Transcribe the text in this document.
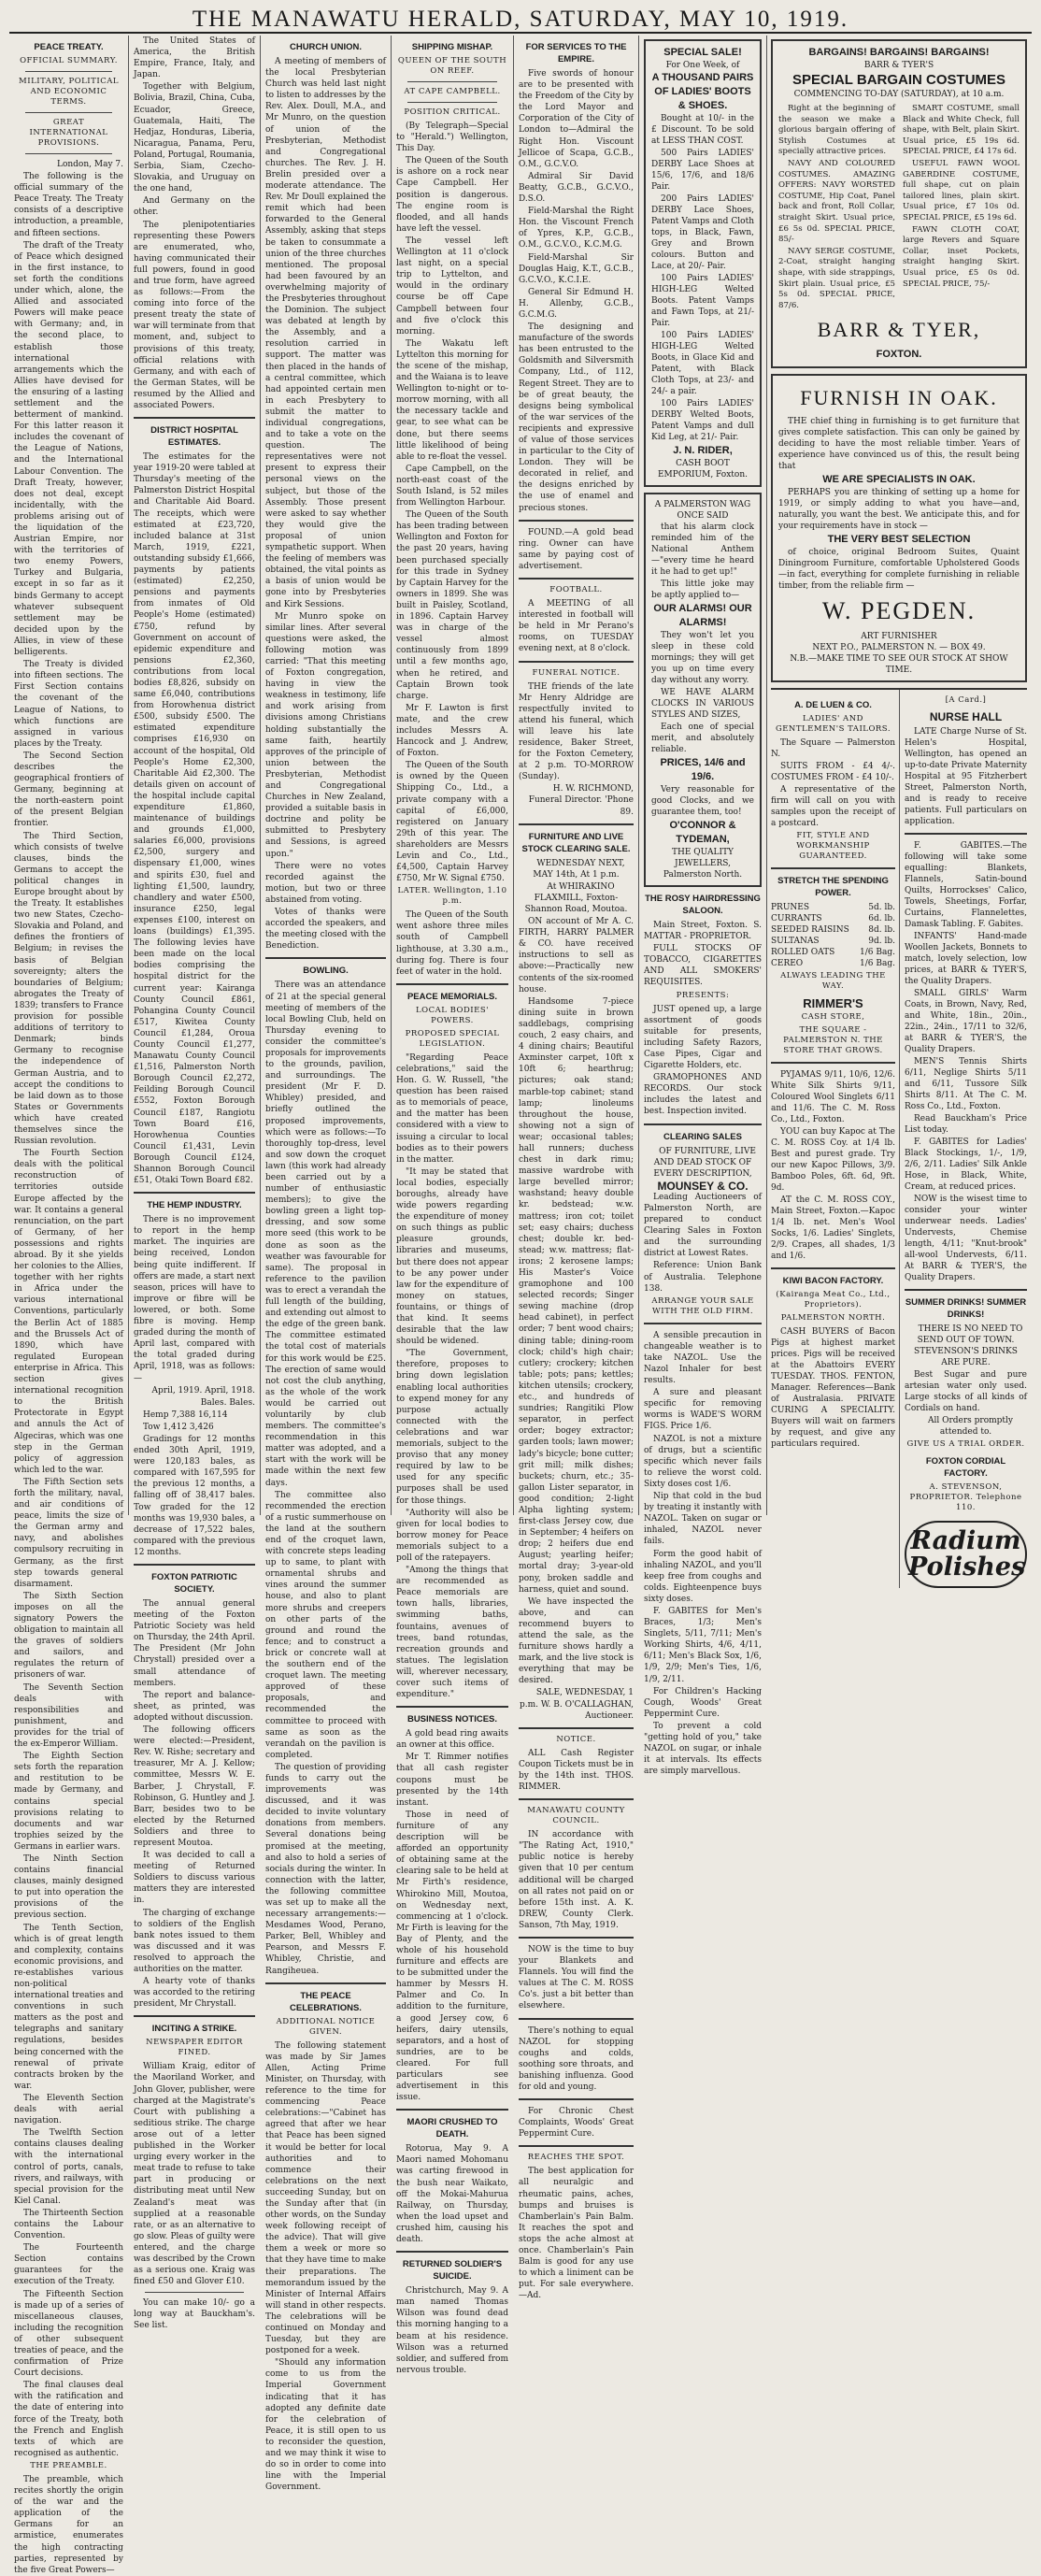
THE MANAWATU HERALD, SATURDAY, MAY 10, 1919.
PEACE TREATY.
OFFICIAL SUMMARY.
MILITARY, POLITICAL AND ECONOMIC TERMS.
GREAT INTERNATIONAL PROVISIONS.

London, May 7.

The following is the official summary of the Peace Treaty. The Treaty consists of a descriptive introduction, a preamble, and fifteen sections.

The draft of the Treaty of Peace which designed in the first instance, to set forth the conditions under which, alone, the Allied and associated Powers will make peace with Germany; and, in the second place, to establish those international arrangements which the Allies have devised for the ensuring of a lasting settlement and the betterment of mankind. For this latter reason it includes the covenant of the League of Nations, and the International Labour Convention. The Draft Treaty, however, does not deal, except incidentally, with the problems arising out of the liquidation of the Austrian Empire, nor with the territories of two enemy Powers, Turkey and Bulgaria, except in so far as it binds Germany to accept whatever subsequent settlement may be decided upon by the Allies, in view of these belligerents.

The Treaty is divided into fifteen sections. The First Section contains the covenant of the League of Nations, to which functions are assigned in various places by the Treaty.

The Second Section describes the geographical frontiers of Germany, beginning at the north-eastern point of the present Belgian frontier.

The Third Section, which consists of twelve clauses, binds the Germans to accept the political changes in Europe brought about by the Treaty. It establishes two new States, Czecho-Slovakia and Poland, and defines the frontiers of Belgium; in revises the basis of Belgian sovereignty; alters the boundaries of Belgium; abrogates the Treaty of 1839; transfers to France provision for possible additions of territory to Denmark; binds Germany to recognise the independence of German Austria, and to accept the conditions to be laid down as to those States or Governments which have created themselves since the Russian revolution.

The Fourth Section deals with the political reconstruction of territories outside Europe affected by the war. It contains a general renunciation, on the part of Germany, of her possessions and rights abroad. By it she yields her colonies to the Allies, together with her rights in Africa under the various international Conventions, particularly the Berlin Act of 1885 and the Brussels Act of 1890, which have regulated European enterprise in Africa. This section gives international recognition to the British Protectorate in Egypt and annuls the Act of Algeciras, which was one step in the German policy of aggression which led to the war.

The Fifth Section sets forth the military, naval, and air conditions of peace, limits the size of the German army and navy, and abolishes compulsory recruiting in Germany, as the first step towards general disarmament.

The Sixth Section imposes on all the signatory Powers the obligation to maintain all the graves of soldiers and sailors, and regulates the return of prisoners of war.

The Seventh Section deals with responsibilities and punishment, and provides for the trial of the ex-Emperor William.

The Eighth Section sets forth the reparation and restitution to be made by Germany, and contains special provisions relating to documents and war trophies seized by the Germans in earlier wars.

The Ninth Section contains financial clauses, mainly designed to put into operation the provisions of the previous section.

The Tenth Section, which is of great length and complexity, contains economic provisions, and re-establishes various non-political international treaties and conventions in such matters as the post and telegraphs and sanitary regulations, besides being concerned with the renewal of private contracts broken by the war.

The Eleventh Section deals with aerial navigation.

The Twelfth Section contains clauses dealing with the international control of ports, canals, rivers, and railways, with special provision for the Kiel Canal.

The Thirteenth Section contains the Labour Convention.

The Fourteenth Section contains guarantees for the execution of the Treaty.

The Fifteenth Section is made up of a series of miscellaneous clauses, including the recognition of other subsequent treaties of peace, and the confirmation of Prize Court decisions.

The final clauses deal with the ratification and the date of entering into force of the Treaty, both the French and English texts of which are recognised as authentic.

THE PREAMBLE.

The preamble, which recites shortly the origin of the war and the application of the Germans for an armistice, enumerates the high contracting parties, represented by the five Great Powers—

The United States of America, the British Empire, France, Italy, and Japan.

Together with Belgium, Bolivia, Brazil, China, Cuba, Ecuador, Greece, Guatemala, Haiti, The Hedjaz, Honduras, Liberia, Nicaragua, Panama, Peru, Poland, Portugal, Roumania, Serbia, Siam, Czecho-Slovakia, and Uruguay on the one hand,

And Germany on the other.

The plenipotentiaries representing these Powers are enumerated, who, having communicated their full powers, found in good and true form, have agreed as follows:—From the coming into force of the present treaty the state of war will terminate from that moment, and, subject to provisions of this treaty, official relations with Germany, and with each of the German States, will be resumed by the Allied and associated Powers.

DISTRICT HOSPITAL ESTIMATES.

The estimates for the year 1919-20 were tabled at Thursday's meeting of the Palmerston District Hospital and Charitable Aid Board. The receipts, which were estimated at £23,720, included balance at 31st March, 1919, £221, outstanding subsidy £1,666, payments by patients (estimated) £2,250, pensions and payments from inmates of Old People's Home (estimated) £750, refund by Government on account of epidemic expenditure and pensions £2,360, contributions from local bodies £8,826, subsidy on same £6,040, contributions from Horowhenua district £500, subsidy £500. The estimated expenditure comprises £16,930 on account of the hospital, Old People's Home £2,300, Charitable Aid £2,300. The details given on account of the hospital include capital expenditure £1,860, maintenance of buildings and grounds £1,000, salaries £6,000, provisions £2,500, surgery and dispensary £1,000, wines and spirits £30, fuel and lighting £1,500, laundry, chandlery and water £500, insurance £250, legal expenses £100, interest on loans (buildings) £1,395. The following levies have been made on the local bodies comprising the hospital district for the current year: Kairanga County Council £861, Pohangina County Council £517, Kiwitea County Council £1,284, Oroua County Council £1,277, Manawatu County Council £1,516, Palmerston North Borough Council £2,272, Feilding Borough Council £552, Foxton Borough Council £187, Rangiotu Town Board £16, Horowhenua Counties Council £1,431, Levin Borough Council £124, Shannon Borough Council £51, Otaki Town Board £82.

THE HEMP INDUSTRY.

There is no improvement to report in the hemp market. The inquiries are being received, London being quite indifferent. If offers are made, a start next season, prices will have to improve or fibre will be lowered, or both. Some fibre is moving. Hemp graded during the month of April last, compared with the total graded during April, 1918, was as follows:—

April, 1919. April, 1918.

Bales. Bales.

Hemp 7,388 16,114

Tow 1,412 3,426

Gradings for 12 months ended 30th April, 1919, were 120,183 bales, as compared with 167,595 for the previous 12 months, a falling off of 38,417 bales. Tow graded for the 12 months was 19,930 bales, a decrease of 17,522 bales, compared with the previous 12 months.

FOXTON PATRIOTIC SOCIETY.

The annual general meeting of the Foxton Patriotic Society was held on Thursday, the 24th April. The President (Mr John Chrystall) presided over a small attendance of members.

The report and balance-sheet, as printed, was adopted without discussion.

The following officers were elected:—President, Rev. W. Rishe; secretary and treasurer, Mr A. J. Kellow; committee, Messrs W. E. Barber, J. Chrystall, F. Robinson, G. Huntley and J. Barr, besides two to be elected by the Returned Soldiers and three to represent Moutoa.

It was decided to call a meeting of Returned Soldiers to discuss various matters they are interested in.

The charging of exchange to soldiers of the English bank notes issued to them was discussed and it was resolved to approach the authorities on the matter.

A hearty vote of thanks was accorded to the retiring president, Mr Chrystall.

INCITING A STRIKE.
NEWSPAPER EDITOR FINED.

William Kraig, editor of the Maoriland Worker, and John Glover, publisher, were charged at the Magistrate's Court with publishing a seditious strike. The charge arose out of a letter published in the Worker urging every worker in the meat trade to refuse to take part in producing or distributing meat until New Zealand's meat was supplied at a reasonable rate, or as an alternative to go slow. Pleas of guilty were entered, and the charge was described by the Crown as a serious one. Kraig was fined £50 and Glover £10.

You can make 10/- go a long way at Bauckham's. See list.

CHURCH UNION.

A meeting of members of the local Presbyterian Church was held last night to listen to addresses by the Rev. Alex. Doull, M.A., and Mr Munro, on the question of union of the Presbyterian, Methodist and Congregational churches. The Rev. J. H. Brelin presided over a moderate attendance. The Rev. Mr Doull explained the remit which had been forwarded to the General Assembly, asking that steps be taken to consummate a union of the three churches mentioned. The proposal had been favoured by an overwhelming majority of the Presbyteries throughout the Dominion. The subject was debated at length by the Assembly, and a resolution carried in support. The matter was then placed in the hands of a central committee, which had appointed certain men in each Presbytery to submit the matter to individual congregations, and to take a vote on the question. The representatives were not present to express their personal views on the subject, but those of the Assembly. Those present were asked to say whether they would give the proposal of union sympathetic support. When the feeling of members was obtained, the vital points as a basis of union would be gone into by Presbyteries and Kirk Sessions.

Mr Munro spoke on similar lines. After several questions were asked, the following motion was carried: "That this meeting of Foxton congregation, having in view the weakness in testimony, life and work arising from divisions among Christians holding substantially the same faith, heartily approves of the principle of union between the Presbyterian, Methodist and Congregational Churches in New Zealand, provided a suitable basis in doctrine and polity be submitted to Presbytery and Sessions, is agreed upon."

There were no votes recorded against the motion, but two or three abstained from voting.

Votes of thanks were accorded the speakers, and the meeting closed with the Benediction.

BOWLING.

There was an attendance of 21 at the special general meeting of members of the local Bowling Club, held on Thursday evening to consider the committee's proposals for improvements to the grounds, pavilion, and surroundings. The president (Mr F. D. Whibley) presided, and briefly outlined the proposed improvements, which were as follows:—To thoroughly top-dress, level and sow down the croquet lawn (this work had already been carried out by a number of enthusiastic members); to give the bowling green a light top-dressing, and sow some more seed (this work to be done as soon as the weather was favourable for same). The proposal in reference to the pavilion was to erect a verandah the full length of the building, and extending out almost to the edge of the green bank. The committee estimated the total cost of materials for this work would be £25. The erection of same would not cost the club anything, as the whole of the work would be carried out voluntarily by club members. The committee's recommendation in this matter was adopted, and a start with the work will be made within the next few days.

The committee also recommended the erection of a rustic summerhouse on the land at the southern end of the croquet lawn, with concrete steps leading up to same, to plant with ornamental shrubs and vines around the summer house, and also to plant more shrubs and creepers on other parts of the ground and round the fence; and to construct a brick or concrete wall at the southern end of the croquet lawn. The meeting approved of these proposals, and recommended the committee to proceed with same as soon as the verandah on the pavilion is completed.

The question of providing funds to carry out the improvements was discussed, and it was decided to invite voluntary donations from members. Several donations being promised at the meeting, and also to hold a series of socials during the winter. In connection with the latter, the following committee was set up to make all the necessary arrangements:—Mesdames Wood, Perano, Parker, Bell, Whibley and Pearson, and Messrs F. Whibley, Christie, and Rangiheuea.

THE PEACE CELEBRATIONS.
ADDITIONAL NOTICE GIVEN.

The following statement was made by Sir James Allen, Acting Prime Minister, on Thursday, with reference to the time for commencing Peace celebrations:—"Cabinet has agreed that after we hear that Peace has been signed it would be better for local authorities and to commence their celebrations on the next succeeding Sunday, but on the Sunday after that (in other words, on the Sunday week following receipt of the advice). That will give them a week or more so that they have time to make their preparations. The memorandum issued by the Minister of Internal Affairs will stand in other respects. The celebrations will be continued on Monday and Tuesday, but they are postponed for a week.

"Should any information come to us from the Imperial Government indicating that it has adopted any definite date for the celebration of Peace, it is still open to us to reconsider the question, and we may think it wise to do so in order to come into line with the Imperial Government.

SHIPPING MISHAP.
QUEEN OF THE SOUTH ON REEF.
AT CAPE CAMPBELL.
POSITION CRITICAL.

(By Telegraph—Special to "Herald.") Wellington, This Day.

The Queen of the South is ashore on a rock near Cape Campbell. Her position is dangerous. The engine room is flooded, and all hands have left the vessel.

The vessel left Wellington at 11 o'clock last night, on a special trip to Lyttelton, and would in the ordinary course be off Cape Campbell between four and five o'clock this morning.

The Wakatu left Lyttelton this morning for the scene of the mishap, and the Waiana is to leave Wellington to-night or to-morrow morning, with all the necessary tackle and gear, to see what can be done, but there seems little likelihood of being able to re-float the vessel.

Cape Campbell, on the north-east coast of the South Island, is 52 miles from Wellington Harbour.

The Queen of the South has been trading between Wellington and Foxton for the past 20 years, having been purchased specially for this trade in Sydney by Captain Harvey for the owners in 1899. She was built in Paisley, Scotland, in 1896. Captain Harvey was in charge of the vessel almost continuously from 1899 until a few months ago, when he retired, and Captain Brown took charge.

Mr F. Lawton is first mate, and the crew includes Messrs A. Hancock and J. Andrew, of Foxton.

The Queen of the South is owned by the Queen Shipping Co., Ltd., a private company with a capital of £6,000, registered on January 29th of this year. The shareholders are Messrs Levin and Co., Ltd., £4,500, Captain Harvey £750, Mr W. Signal £750.

LATER. Wellington, 1.10 p.m.

The Queen of the South went ashore three miles south of Campbell lighthouse, at 3.30 a.m., during fog. There is four feet of water in the hold.

PEACE MEMORIALS.
LOCAL BODIES' POWERS.
PROPOSED SPECIAL LEGISLATION.

"Regarding Peace celebrations," said the Hon. G. W. Russell, "the question has been raised as to memorials of peace, and the matter has been considered with a view to issuing a circular to local bodies as to their powers in the matter.

"It may be stated that local bodies, especially boroughs, already have wide powers regarding the expenditure of money on such things as public pleasure grounds, libraries and museums, but there does not appear to be any power under law for the expenditure of money on statues, fountains, or things of that kind. It seems desirable that the law should be widened.

"The Government, therefore, proposes to bring down legislation enabling local authorities to expend money for any purpose actually connected with the celebrations and war memorials, subject to the proviso that any money required by law to be used for any specific purposes shall be used for those things.

"Authority will also be given for local bodies to borrow money for Peace memorials subject to a poll of the ratepayers.

"Among the things that are recommended as Peace memorials are town halls, libraries, swimming baths, fountains, avenues of trees, band rotundas, recreation grounds and statues. The legislation will, wherever necessary, cover such items of expenditure."

BUSINESS NOTICES.

A gold bead ring awaits an owner at this office.

Mr T. Rimmer notifies that all cash register coupons must be presented by the 14th instant.

Those in need of furniture of any description will be afforded an opportunity of obtaining same at the clearing sale to be held at Mr Firth's residence, Whirokino Mill, Moutoa, on Wednesday next, commencing at 1 o'clock. Mr Firth is leaving for the Bay of Plenty, and the whole of his household furniture and effects are to be submitted under the hammer by Messrs H. Palmer and Co. In addition to the furniture, a good Jersey cow, 6 heifers, dairy utensils, separators, and a host of sundries, are to be cleared. For full particulars see advertisement in this issue.

MAORI CRUSHED TO DEATH.

Rotorua, May 9. A Maori named Mohomanu was carting firewood in the bush near Waikato, off the Mokai-Mahurua Railway, on Thursday, when the load upset and crushed him, causing his death.

RETURNED SOLDIER'S SUICIDE.

Christchurch, May 9. A man named Thomas Wilson was found dead this morning hanging to a beam at his residence. Wilson was a returned soldier, and suffered from nervous trouble.

FOR SERVICES TO THE EMPIRE.

Five swords of honour are to be presented with the Freedom of the City by the Lord Mayor and Corporation of the City of London to—Admiral the Right Hon. Viscount Jellicoe of Scapa, G.C.B., O.M., G.C.V.O.

Admiral Sir David Beatty, G.C.B., G.C.V.O., D.S.O.

Field-Marshal the Right Hon. the Viscount French of Ypres, K.P., G.C.B., O.M., G.C.V.O., K.C.M.G.

Field-Marshal Sir Douglas Haig, K.T., G.C.B., G.C.V.O., K.C.I.E.

General Sir Edmund H. H. Allenby, G.C.B., G.C.M.G.

The designing and manufacture of the swords has been entrusted to the Goldsmith and Silversmith Company, Ltd., of 112, Regent Street. They are to be of great beauty, the designs being symbolical of the war services of the recipients and expressive of value of those services in particular to the City of London. They will be decorated in relief, and the designs enriched by the use of enamel and precious stones.

FOUND.—A gold bead ring. Owner can have same by paying cost of advertisement.

FOOTBALL.

A MEETING of all interested in football will be held in Mr Perano's rooms, on TUESDAY evening next, at 8 o'clock.

FUNERAL NOTICE.

THE friends of the late Mr Henry Aldridge are respectfully invited to attend his funeral, which will leave his late residence, Baker Street, for the Foxton Cemetery, at 2 p.m. TO-MORROW (Sunday).

H. W. RICHMOND, Funeral Director. 'Phone 89.

FURNITURE AND LIVE STOCK CLEARING SALE.

WEDNESDAY NEXT, MAY 14th, At 1 p.m.

At WHIRAKINO FLAXMILL, Foxton-Shannon Road, Moutoa.

ON account of Mr A. C. FIRTH, HARRY PALMER & CO. have received instructions to sell as above:—Practically new contents of the six-roomed house.

Handsome 7-piece dining suite in brown saddlebags, comprising couch, 2 easy chairs, and 4 dining chairs; Beautiful Axminster carpet, 10ft x 10ft 6; hearthrug; pictures; oak stand; marble-top cabinet; stand lamp; linoleums throughout the house, showing not a sign of wear; occasional tables; hall runners; duchess chest in dark rimu; massive wardrobe with large bevelled mirror; washstand; heavy double kr. bedstead; w.w. mattress; iron cot; toilet set; easy chairs; duchess chest; double kr. bed-stead; w.w. mattress; flat-irons; 2 kerosene lamps; His Master's Voice gramophone and 100 selected records; Singer sewing machine (drop head cabinet), in perfect order; 7 bent wood chairs; dining table; dining-room clock; child's high chair; cutlery; crockery; kitchen table; pots; pans; kettles; kitchen utensils; crockery, etc., and hundreds of sundries; Rangitiki Plow separator, in perfect order; bogey extractor; garden tools; lawn mower; lady's bicycle; bone cutter; grit mill; milk dishes; buckets; churn, etc.; 35-gallon Lister separator, in good condition; 2-light Alpha lighting system; first-class Jersey cow, due in September; 4 heifers on drop; 2 heifers due end August; yearling heifer; mortal dray; 3-year-old pony, broken saddle and harness, quiet and sound.

We have inspected the above, and can recommend buyers to attend the sale, as the furniture shows hardly a mark, and the live stock is everything that may be desired.

SALE, WEDNESDAY, 1 p.m. W. B. O'CALLAGHAN, Auctioneer.

NOTICE.

ALL Cash Register Coupon Tickets must be in by the 14th inst. THOS. RIMMER.

MANAWATU COUNTY COUNCIL.

IN accordance with "The Rating Act, 1910," public notice is hereby given that 10 per centum additional will be charged on all rates not paid on or before 15th inst. A. K. DREW, County Clerk. Sanson, 7th May, 1919.

NOW is the time to buy your Blankets and Flannels. You will find the values at The C. M. ROSS Co's. just a bit better than elsewhere.

There's nothing to equal NAZOL for stopping coughs and colds, soothing sore throats, and banishing influenza. Good for old and young.

For Chronic Chest Complaints, Woods' Great Peppermint Cure.

REACHES THE SPOT.

The best application for all neuralgic and rheumatic pains, aches, bumps and bruises is Chamberlain's Pain Balm. It reaches the spot and stops the ache almost at once. Chamberlain's Pain Balm is good for any use to which a liniment can be put. For sale everywhere.—Ad.

SPECIAL SALE!
For One Week, of
A THOUSAND PAIRS OF LADIES' BOOTS & SHOES.

Bought at 10/- in the £ Discount. To be sold at LESS THAN COST.

500 Pairs LADIES' DERBY Lace Shoes at 15/6, 17/6, and 18/6 Pair.

200 Pairs LADIES' DERBY Lace Shoes, Patent Vamps and Cloth tops, in Black, Fawn, Grey and Brown colours. Button and Lace, at 20/- Pair.

100 Pairs LADIES' HIGH-LEG Welted Boots. Patent Vamps and Fawn Tops, at 21/- Pair.

100 Pairs LADIES' HIGH-LEG Welted Boots, in Glace Kid and Patent, with Black Cloth Tops, at 23/- and 24/- a pair.

100 Pairs LADIES' DERBY Welted Boots, Patent Vamps and dull Kid Leg, at 21/- Pair.

J. N. RIDER,
CASH BOOT EMPORIUM, Foxton.
A PALMERSTON WAG ONCE SAID

that his alarm clock reminded him of the National Anthem—"every time he heard it he had to get up!"

This little joke may be aptly applied to—

OUR ALARMS! OUR ALARMS!

They won't let you sleep in these cold mornings; they will get you up on time every day without any worry.

WE HAVE ALARM CLOCKS IN VARIOUS STYLES AND SIZES,

Each one of special merit, and absolutely reliable.

PRICES, 14/6 and 19/6.

Very reasonable for good Clocks, and we guarantee them, too!

O'CONNOR & TYDEMAN,
THE QUALITY JEWELLERS, Palmerston North.
THE ROSY HAIRDRESSING SALOON.

Main Street, Foxton. S. MATTAR - PROPRIETOR.

FULL STOCKS OF TOBACCO, CIGARETTES AND ALL SMOKERS' REQUISITES.

PRESENTS:

JUST opened up, a large assortment of goods suitable for presents, including Safety Razors, Case Pipes, Cigar and Cigarette Holders, etc.

GRAMOPHONES AND RECORDS. Our stock includes the latest and best. Inspection invited.

CLEARING SALES

OF FURNITURE, LIVE AND DEAD STOCK OF EVERY DESCRIPTION,

MOUNSEY & CO.

Leading Auctioneers of Palmerston North, are prepared to conduct Clearing Sales in Foxton and the surrounding district at Lowest Rates.

Reference: Union Bank of Australia. Telephone 138.

ARRANGE YOUR SALE WITH THE OLD FIRM.

A sensible precaution in changeable weather is to take NAZOL. Use the Nazol Inhaler for best results.

A sure and pleasant specific for removing worms is WADE'S WORM FIGS. Price 1/6.

NAZOL is not a mixture of drugs, but a scientific specific which never fails to relieve the worst cold. Sixty doses cost 1/6.

Nip that cold in the bud by treating it instantly with NAZOL. Taken on sugar or inhaled, NAZOL never fails.

Form the good habit of inhaling NAZOL, and you'll keep free from coughs and colds. Eighteenpence buys sixty doses.

F. GABITES for Men's Braces, 1/3; Men's Singlets, 5/11, 7/11; Men's Working Shirts, 4/6, 4/11, 6/11; Men's Black Sox, 1/6, 1/9, 2/9; Men's Ties, 1/6, 1/9, 2/11.

For Children's Hacking Cough, Woods' Great Peppermint Cure.

To prevent a cold "getting hold of you," take NAZOL on sugar, or inhale it at intervals. Its effects are simply marvellous.

BARGAINS! BARGAINS! BARGAINS!
BARR & TYER'S
SPECIAL BARGAIN COSTUMES
COMMENCING TO-DAY (SATURDAY), at 10 a.m.

Right at the beginning of the season we make a glorious bargain offering of Stylish Costumes at specially attractive prices.

NAVY AND COLOURED COSTUMES. AMAZING OFFERS: NAVY WORSTED COSTUME, Hip Coat, Panel back and front, Roll Collar, straight Skirt. Usual price, £6 5s 0d. SPECIAL PRICE, 85/-

NAVY SERGE COSTUME, 2-Coat, straight hanging shape, with side strappings, Skirt plain. Usual price, £5 5s 0d. SPECIAL PRICE, 87/6.

SMART COSTUME, small Black and White Check, full shape, with Belt, plain Skirt. Usual price, £5 19s 6d. SPECIAL PRICE, £4 17s 6d.

USEFUL FAWN WOOL GABERDINE COSTUME, full shape, cut on plain tailored lines, plain skirt. Usual price, £7 10s 0d. SPECIAL PRICE, £5 19s 6d.

FAWN CLOTH COAT, large Revers and Square Collar, inset Pockets, straight hanging Skirt. Usual price, £5 0s 0d. SPECIAL PRICE, 75/-

BARR & TYER,
FOXTON.
FURNISH IN OAK.

THE chief thing in furnishing is to get furniture that gives complete satisfaction. This can only be gained by deciding to have the most reliable timber. Years of experience have convinced us of this, the result being that

WE ARE SPECIALISTS IN OAK.

PERHAPS you are thinking of setting up a home for 1919, or simply adding to what you have—and, naturally, you want the best. We anticipate this, and for your requirements have in stock —

THE VERY BEST SELECTION

of choice, original Bedroom Suites, Quaint Diningroom Furniture, comfortable Upholstered Goods—in fact, everything for complete furnishing in reliable timber, from the reliable firm —

W. PEGDEN.
ART FURNISHER
NEXT P.O., PALMERSTON N. — BOX 49.
N.B.—MAKE TIME TO SEE OUR STOCK AT SHOW TIME.
A. DE LUEN & CO.
LADIES' AND GENTLEMEN'S TAILORS.

The Square — Palmerston N.

SUITS FROM - £4 4/-. COSTUMES FROM - £4 10/-.

A representative of the firm will call on you with samples upon the receipt of a postcard.

FIT, STYLE AND WORKMANSHIP GUARANTEED.
STRETCH THE SPENDING POWER.
PRUNES	5d. lb.
CURRANTS	6d. lb.
SEEDED RAISINS 8d. lb.
SULTANAS	9d. lb.
ROLLED OATS	1/6 Bag.
CEREO	1/6 Bag.
ALWAYS LEADING THE WAY.
RIMMER'S
CASH STORE,
THE SQUARE - PALMERSTON N. THE STORE THAT GROWS.

PYJAMAS 9/11, 10/6, 12/6. White Silk Shirts 9/11, Coloured Wool Singlets 6/11 and 11/6. The C. M. Ross Co., Ltd., Foxton.

YOU can buy Kapoc at The C. M. ROSS Coy. at 1/4 lb. Best and purest grade. Try our new Kapoc Pillows, 3/9. Bamboo Poles, 6ft. 6d, 9ft. 9d.

AT the C. M. ROSS COY., Main Street, Foxton.—Kapoc 1/4 lb. net. Men's Wool Socks, 1/6. Ladies' Singlets, 2/9. Crapes, all shades, 1/3 and 1/6.

KIWI BACON FACTORY.
(Kairanga Meat Co., Ltd., Proprietors).
PALMERSTON NORTH.

CASH BUYERS of Bacon Pigs at highest market prices. Pigs will be received at the Abattoirs EVERY TUESDAY. THOS. FENTON, Manager. References—Bank of Australasia. PRIVATE CURING A SPECIALITY. Buyers will wait on farmers by request, and give any particulars required.

[A Card.]
NURSE HALL

LATE Charge Nurse of St. Helen's Hospital, Wellington, has opened an up-to-date Private Maternity Hospital at 95 Fitzherbert Street, Palmerston North, and is ready to receive patients. Full particulars on application.

F. GABITES.—The following will take some equalling: Blankets, Flannels, Satin-bound Quilts, Horrockses' Calico, Towels, Sheetings, Forfar, Curtains, Flannelettes, Damask Tabling. F. Gabites.

INFANTS' Hand-made Woollen Jackets, Bonnets to match, lovely selection, low prices, at BARR & TYER'S, the Quality Drapers.

SMALL GIRLS' Warm Coats, in Brown, Navy, Red, and White, 18in., 20in., 22in., 24in., 17/11 to 32/6, at BARR & TYER'S, the Quality Drapers.

MEN'S Tennis Shirts 6/11, Neglige Shirts 5/11 and 6/11, Tussore Silk Shirts 8/11. At The C. M. Ross Co., Ltd., Foxton.

Read Bauckham's Price List today.

F. GABITES for Ladies' Black Stockings, 1/-, 1/9, 2/6, 2/11. Ladies' Silk Ankle Hose, in Black, White, Cream, at reduced prices.

NOW is the wisest time to consider your winter underwear needs. Ladies' Undervests, Chemise length, 4/11; "Knut-brook" all-wool Undervests, 6/11. At BARR & TYER'S, the Quality Drapers.

SUMMER DRINKS! SUMMER DRINKS!

THERE IS NO NEED TO SEND OUT OF TOWN. STEVENSON'S DRINKS ARE PURE.

Best Sugar and pure artesian water only used. Large stocks of all kinds of Cordials on hand.

All Orders promptly attended to.

GIVE US A TRIAL ORDER.
FOXTON CORDIAL FACTORY.
A. STEVENSON, PROPRIETOR. Telephone 110.
Radium Polishes
